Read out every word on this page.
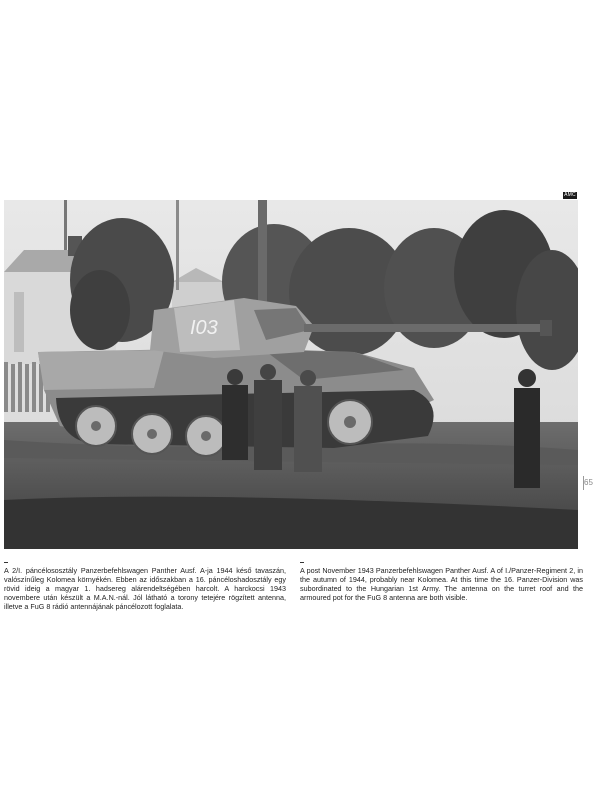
AMC
I03
65
A 2/I. páncélososztály Panzerbefehlswagen Panther Ausf. A-ja 1944 késő tavaszán, valószínűleg Kolomea környékén. Ebben az időszakban a 16. páncéloshadosztály egy rövid ideig a magyar 1. hadsereg alárendeltségében harcolt. A harckocsi 1943 novembere után készült a M.A.N.-nál. Jól látható a torony tetejére rögzített antenna, illetve a FuG 8 rádió antennájának páncélozott foglalata.
A post November 1943 Panzerbefehlswagen Panther Ausf. A of I./Panzer-Regiment 2, in the autumn of 1944, probably near Kolomea. At this time the 16. Panzer-Division was subordinated to the Hungarian 1st Army. The antenna on the turret roof and the armoured pot for the FuG 8 antenna are both visible.
